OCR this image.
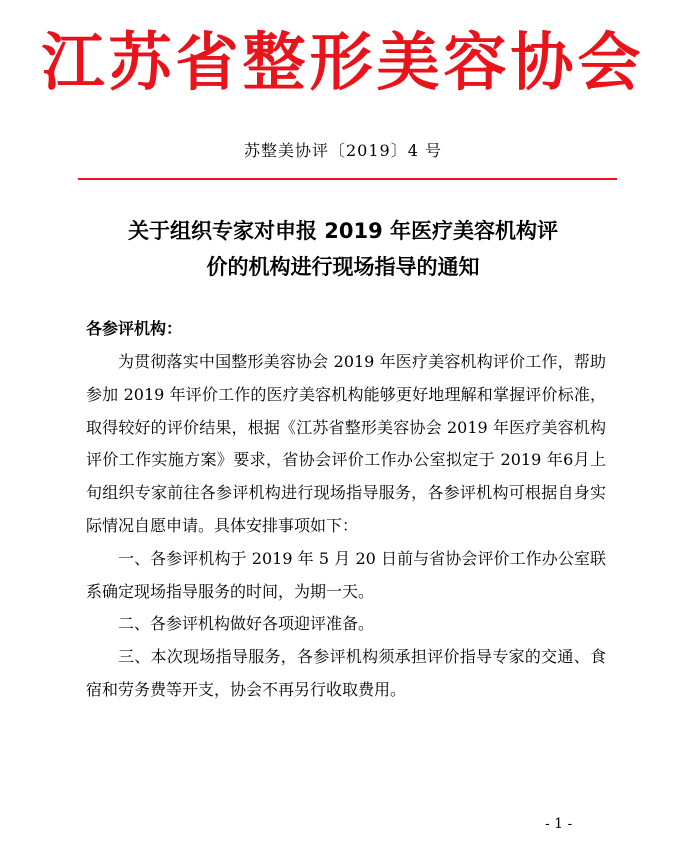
江苏省整形美容协会
苏整美协评〔2019〕4 号
关于组织专家对申报 2019 年医疗美容机构评
价的机构进行现场指导的通知
各参评机构：

为贯彻落实中国整形美容协会 2019 年医疗美容机构评价工作，帮助参加 2019 年评价工作的医疗美容机构能够更好地理解和掌握评价标准，取得较好的评价结果，根据《江苏省整形美容协会 2019 年医疗美容机构评价工作实施方案》要求，省协会评价工作办公室拟定于 2019 年6月上旬组织专家前往各参评机构进行现场指导服务，各参评机构可根据自身实际情况自愿申请。具体安排事项如下：

一、各参评机构于 2019 年 5 月 20 日前与省协会评价工作办公室联系确定现场指导服务的时间，为期一天。

二、各参评机构做好各项迎评准备。

三、本次现场指导服务，各参评机构须承担评价指导专家的交通、食宿和劳务费等开支，协会不再另行收取费用。

- 1 -
